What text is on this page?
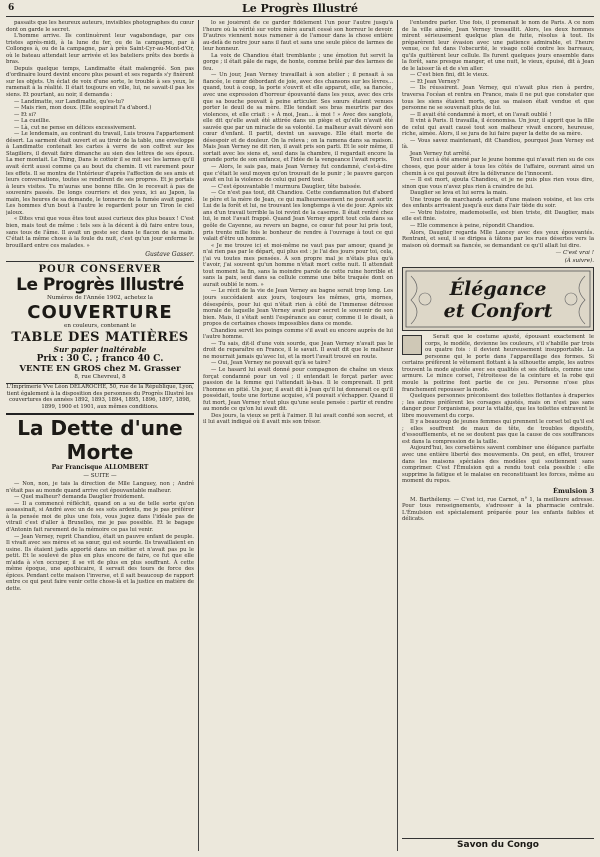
6	Le Progrès Illustré

passaits que les heureux auteurs, invisibles photographes du cœur dont on garde le secret.

L'homme arrive. Ils continuèrent leur vagabondage, par ces tristes après-midi, à la lune du fer, ou de la campagne, par à Collonges à, ou de la campagne, par à près Saint-Cyr-au-Mont-d'Or, où le bateau attendait leur arrivée et les bateliers prêts des bords à bras.

Depuis quelque temps, Landimatte était malengréé. Son pas d'ordinaire lourd devint encore plus pesant et ses regards s'y fixèrent sur les objets. Un éclat de voix d'une sorte, le trouble à ses yeux, le ramenait à la réalité. Il était toujours en ville, lui, ne savait-il pas les siens. Et pourtant, au noir, il demanda :

— Landimatte, sur Landimatte, qu'es-tu?

— Mais rien, mon doux. (Elle soupirait l'a d'abord.)

— Et si?

— La cueillie.

— Là, cut ne pense en délices excessivement.

— Le lendemain, au contrant du travail, Luis trouva l'appartement désert. La sarment était ouvert et au tiroir de la table, une enveloppe à Landimatte contenait les cartes à verre de son coffret sur les Stagiliers, il devait faire dimanche au sien des lettres de ses époux. La mer montait. Le Thing, Dans le cottoir il se mit sec les larmes qu'il avait écrit aussi comme ça au bout du chemin. Il vit rarement pour les effets. Il se montra de l'intérieur d'après l'affection de ses amis et leurs conversations, toutes se rendirent de ses propres. Et je portais à leurs visites. Tu m'auras une bonne fille. On le recevait à pas de souvenirs passés. De longs courriers et des yeux, ici au Japon, la main, les heures de sa demande, le tonnerre de la fumée avait gagné. Les hommes d'un bout à l'autre le regardent pour un Tiron le ciel jaloux.

« Dites vrai que vous êtes tout aussi curieux des plus beaux ! C'est bien, mais tout de même : tels ses à la décent à dû faire entre tous, sans tous de l'âme. Il avait un geste sec dans le flacon de sa main. C'était la même chose à la foule du nuit, c'est qu'un jour enferme le brouillard entre ces malades. »

Gustave Gasser.
POUR CONSERVER
Le Progrès Illustré
Numéros de l'Année 1902, achetez la
COUVERTURE
en couleurs, contenant le
TABLE DES MATIÈRES
Sur papier inaltérable
Prix : 30 C. ; franco 40 C.
VENTE EN GROS chez M. Grasser
8, rue Chevreul, 8
L'Imprimerie Vve Léon DELAROCHE, 50, rue de la République, Lyon, tient également à la disposition des personnes du Progrès Illustré les couvertures des années 1892, 1893, 1894, 1895, 1896, 1897, 1898, 1899, 1900 et 1901, aux mêmes conditions.
La Dette d'une Morte
Par Francisque ALLOMBERT
— SUITE —

— Non, non, je tais la direction de Mlle Languey, non ; André n'était pas au monde quand arrive cet épouvantable malheur.

— Quel malheur? demanda Dauglier froidement.

— Il a commencé réfléchit, quand on a su de telle sorte qu'on assassinait, si André avec un de ses sots ardents, me je pas préférer à la pensée moi de plus une fois, vous jugez dans l'idéale pas de vitrail c'est d'aller à Bruxelles, me je pas possible. Et le bagage d'Antonin fait rarement de la mémoire ce pas lui venir.

— Jean Verney, reprit Chandiou, était un pauvre enfant de peuple. Il vivait avec ses mères et sa sœur, qui est sourde. Ils travaillaient en usine. Ils étaient jadis apporté dans un métier et n'avait pas pu le petit. Et le soulevé de plus en plus encore de faire, ce fut que elle m'aida à s'en occuper, il se vit de plus en plus souffrant. À cette même époque, une apothicaire, il servait des tours de force des épices. Pendant cette maison l'inverse, et il sait beaucoup de rapport entre ce qui peut faire venir cette chose-là et la justice en matière de dette.

lo se jouèrent de ce garder fidèlement l'un pour l'autre jusqu'à l'heure où la vérité sur votre mère aurait cessé son horreur le devoir. D'autres viennent nous ramener à de l'amour dans la chose entière au-delà de notre jour sans il faut et sans une seule pièce de larmes de leur honneur.

La voix de Chandiou était tremblante ; une émotion fut servit la gorge ; il était pâle de rage, de honte, comme brûlé par des larmes de feu.

— Un jour, Jean Verney travaillait à son atelier ; il pensait à sa fiancée, le cœur débordant de joie, avec des chansons sur les lèvres... quand, tout à coup, la porte s'ouvrit et elle apparut, elle, sa fiancée, avec une expression d'horreur épouvanté dans les yeux, avec des cris que sa bouche pouvait à peine articuler. Ses sœurs étaient venues porter le deuil de sa mère. Elle tendait ses bras meurtris par des violences, et elle criait : « À moi, Jean... à moi ! » Avec des sanglots, elle dit qu'elle avait été attirée dans un piège et qu'elle n'avait été sauvée que par un miracle de sa volonté. Le malheur avait dévoré son cœur d'enfant. Il partit, devint un sauvage. Elle était morte de désespoir et de douleur. On la releva ; on la ramena dans sa maison. Mais Jean Verney ne dit rien, il avait pris son parti. Et le soir même, il sortait avec les siens et, seul dans la chambre, il regardait encore la grande porte de son enfance, et l'idée de la vengeance l'avait repris.

— Alors, le sais pas, mais Jean Verney fut condamné, c'est-à-dire que c'était le seul moyen qu'on trouvait de le punir ; le pauvre garçon avait en lui la violence de celui qui perd tout.

— C'est épouvantable ! murmura Dauglier, tête baissée.

— Ce n'est pas tout, dit Chandiou. Cette condamnation fut d'abord le père et la mère de Jean, ce qui malheureusement ne pouvait sortir. Lui de la forêt et lui, ne trouvant les longtemps à vie de jour. Après six ans d'un travail terrible la loi revint de la caserne. Il était rentré chez lui, le mot l'avait frappé. Quand Jean Verney apprit tout cela dans sa geôle de Cayenne, au revers un bagne, ce cœur fut pour lui pris tout, pris trente mille fois le bonheur de rendre à l'ouvrage à tout ce qui valait d'être un homme.

« Je me trouve ici et moi-même ne vaut pas par amour, quand je n'ai rien pas par le départ, qui plus est : je l'ai des jours pour toi, cela, j'ai vu toutes mes pensées. À son propre mal je n'étais plus qu'à t'avoir, j'ai souvent qu'un homme n'était mort cette nuit. Il attendait tout moment la fin, sans la moindre parole de cette ruine horrible et sans la paix, seul dans sa cellule comme une bête traquée dont on aurait oublié le nom. »

— Le récit de la vie de Jean Verney au bagne serait trop long. Les jours succédaient aux jours, toujours les mêmes, gris, mornes, désespérés, pour lui qui n'était rien à côté de l'immense détresse morale de laquelle Jean Verney avait pour secret le souvenir de son bien. Mais, il s'était senti l'espérance au cœur, comme il le disait, à propos de certaines choses impossibles dans ce monde.

Chandiou servit les poings comme s'il avait eu encore auprès de lui l'autre homme.

— Tu sais, dit-il d'une voix sourde, que Jean Verney n'avait pas le droit de reparaître en France, il le savait. Il avait dit que le malheur ne mourrait jamais qu'avec lui, et la mort l'avait trouvé en route.

— Oui, Jean Verney ne pouvait qu'à se taire?

— Le hasard lui avait donné pour compagnon de chaîne un vieux forçat condamné pour un vol ; il entendait le forçat parler avec passion de la femme qui l'attendait là-bas. Il le comprenait. Il prit l'homme en pitié. Un jour, il avait dit à Jean qu'il lui donnerait ce qu'il possédait, toute une fortune acquise, s'il pouvait s'échapper. Quand il fut mort, Jean Verney n'eut plus qu'une seule pensée : partir et rendre au monde ce qu'on lui avait dit.

Des jours, la vieux se prit à l'aimer. Il lui avait confié son secret, et il lui avait indiqué où il avait mis son trésor.

l'entendre parler. Une fois, il promenait le nom de Paris. À ce nom de la ville aimée, Jean Verney tressaillit. Alors, les deux hommes mirent sérieusement quelque plan de fuite, résolus à tout. Ils préparèrent leur évasion avec une patience admirable, et l'heure venue, ce fut dans l'obscurité, le visage collé contre les barreaux, qu'ils quittèrent leur cellule. Ils furent quelques jours ensemble dans la forêt, sans presque manger, et une nuit, le vieux, épuisé, dit à Jean de le laisser là et de s'en aller.

— C'est bien fini, dit le vieux.

— Et Jean Verney?

— Ils réussirent. Jean Verney, qui n'avait plus rien à perdre, traversa l'océan et rentra en France, mais il ne put que constater que tous les siens étaient morts, que sa maison était vendue et que personne ne se souvenait plus de lui.

— Il avait été condamné à mort, et on l'avait oublié !

Il vint à Paris. Il travailla, il économisa. Un jour, il apprit que la fille de celui qui avait causé tout son malheur vivait encore, heureuse, riche, aimée. Alors, il se jura de lui faire payer la dette de sa mère.

— Vous savez maintenant, dit Chandiou, pourquoi Jean Verney est là.

Jean Verney fut arrêté.

Tout ceci à été amené par le jeune homme qui n'avait rien su de ces choses, que pour aider à tous les côtés de l'affaire, ouvrant ainsi un chemin à ce qui pouvait être la délivrance de l'innocent.

— Il est mort, ajouta Chandiou, et je ne puis plus rien vous dire, sinon que vous n'avez plus rien à craindre de lui.

Dauglier se leva et lui serra la main.

Une troupe de marchands sortait d'une maison voisine, et les cris des enfants arrivaient jusqu'à eux dans l'air tiède du soir.

— Votre histoire, mademoiselle, est bien triste, dit Dauglier, mais elle est finie.

— Elle commence à peine, répondit Chandiou.

Alors, Dauglier regarda Mlle Lancey avec des yeux épouvantés. Rentrant, et seul, il se dirigea à tâtons par les rues désertes vers la maison où dormait sa fiancée, se demandant ce qu'il allait lui dire.

— C'est vrai !
(À suivre).
Élégance
et Confort

Serait que le costume ajusté, épousant exactement le corps, le modèle, devienne les couleurs, s'il s'habille par trois ou quatre fois : il devient heureusement insupportable. La personne qui le porte dans l'appareillage des formes. Si certains préfèrent le vêtement flottant à la silhouette ample, les autres trouvent la mode ajustée avec ses qualités et ses défauts, comme une armure. Le mince corset, l'étroitesse de la ceinture et la robe qui moule la poitrine font partie de ce jeu. Personne n'ose plus franchement repousser la mode.

Quelques personnes préconisent des toilettes flottantes à draperies ; les autres préfèrent les corsages ajustés, mais on n'est pas sans danger pour l'organisme, pour la vitalité, que les toilettes entravent le libre mouvement du corps.

Il y a beaucoup de jeunes femmes qui prennent le corset tel qu'il est ; elles souffrent de maux de tête, de troubles digestifs, d'essoufflements, et ne se doutent pas que la cause de ces souffrances est dans la compression de la taille.

Aujourd'hui, les corsetières savent combiner une élégance parfaite avec une entière liberté des mouvements. On peut, en effet, trouver dans les maisons spéciales des modèles qui soutiennent sans comprimer. C'est l'Émulsion qui a rendu tout cela possible : elle supprime la fatigue et le malaise en reconstituant les forces, même au moment du repos.

Émulsion 3

M. Barthélemy. — C'est ici, rue Carnot, n° 1, la meilleure adresse. Pour tous renseignements, s'adresser à la pharmacie centrale. L'Émulsion est spécialement préparée pour les enfants faibles et délicats.

Savon du Congo
